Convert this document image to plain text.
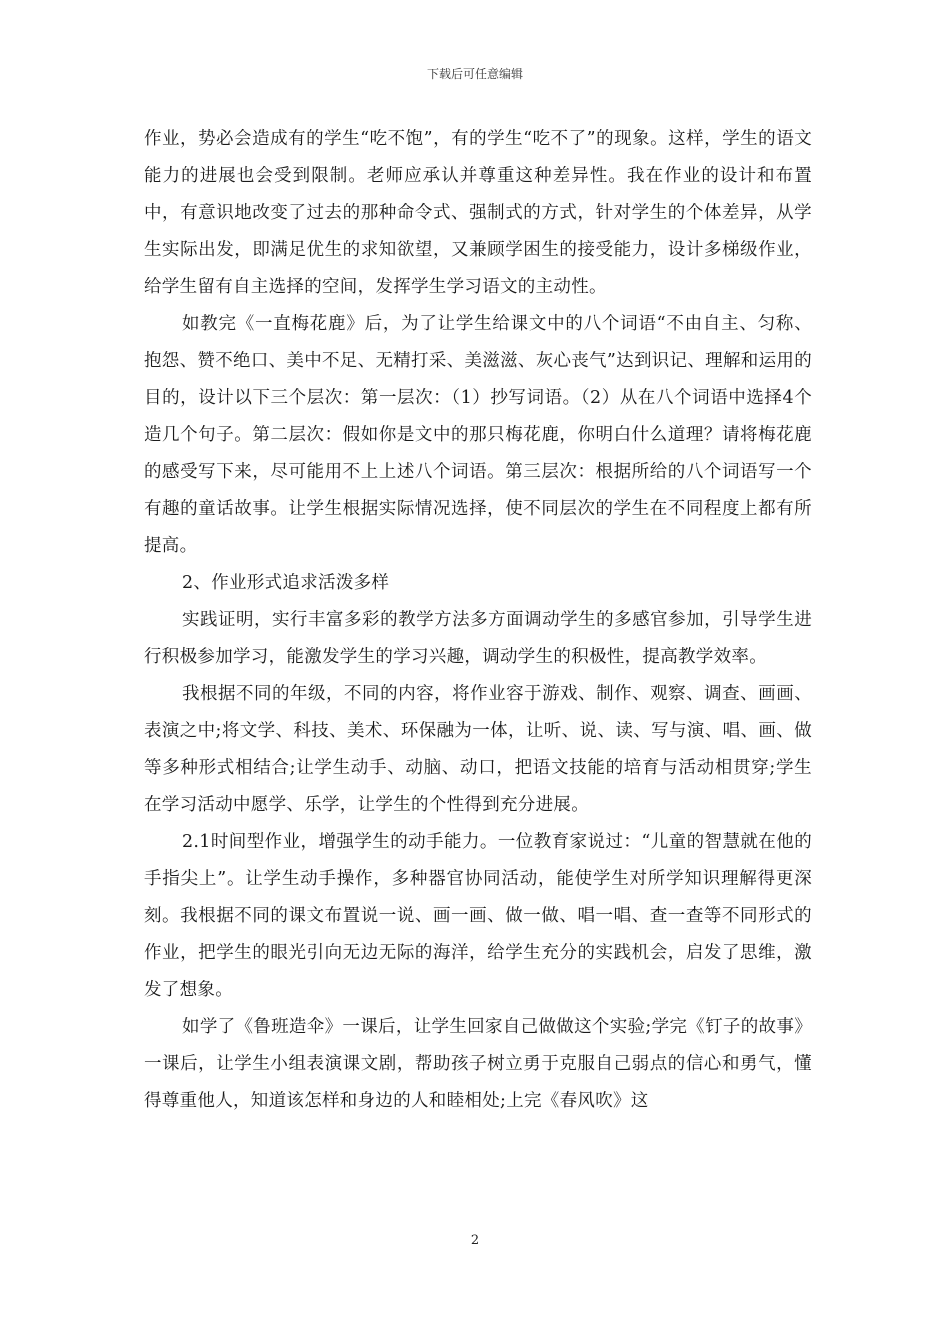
下载后可任意编辑

作业，势必会造成有的学生“吃不饱”，有的学生“吃不了”的现象。这样，学生的语文能力的进展也会受到限制。老师应承认并尊重这种差异性。我在作业的设计和布置中，有意识地改变了过去的那种命令式、强制式的方式，针对学生的个体差异，从学生实际出发，即满足优生的求知欲望，又兼顾学困生的接受能力，设计多梯级作业，给学生留有自主选择的空间，发挥学生学习语文的主动性。

如教完《一直梅花鹿》后，为了让学生给课文中的八个词语“不由自主、匀称、抱怨、赞不绝口、美中不足、无精打采、美滋滋、灰心丧气”达到识记、理解和运用的目的，设计以下三个层次：第一层次：（1）抄写词语。（2）从在八个词语中选择4个造几个句子。第二层次：假如你是文中的那只梅花鹿，你明白什么道理？请将梅花鹿的感受写下来，尽可能用不上上述八个词语。第三层次：根据所给的八个词语写一个有趣的童话故事。让学生根据实际情况选择，使不同层次的学生在不同程度上都有所提高。

2、作业形式追求活泼多样

实践证明，实行丰富多彩的教学方法多方面调动学生的多感官参加，引导学生进行积极参加学习，能激发学生的学习兴趣，调动学生的积极性，提高教学效率。

我根据不同的年级，不同的内容，将作业容于游戏、制作、观察、调查、画画、表演之中;将文学、科技、美术、环保融为一体，让听、说、读、写与演、唱、画、做等多种形式相结合;让学生动手、动脑、动口，把语文技能的培育与活动相贯穿;学生在学习活动中愿学、乐学，让学生的个性得到充分进展。

2.1时间型作业，增强学生的动手能力。一位教育家说过：“儿童的智慧就在他的手指尖上”。让学生动手操作，多种器官协同活动，能使学生对所学知识理解得更深刻。我根据不同的课文布置说一说、画一画、做一做、唱一唱、查一查等不同形式的作业，把学生的眼光引向无边无际的海洋，给学生充分的实践机会，启发了思维，激发了想象。

如学了《鲁班造伞》一课后，让学生回家自己做做这个实验;学完《钉子的故事》一课后，让学生小组表演课文剧，帮助孩子树立勇于克服自己弱点的信心和勇气，懂得尊重他人，知道该怎样和身边的人和睦相处;上完《春风吹》这

2
